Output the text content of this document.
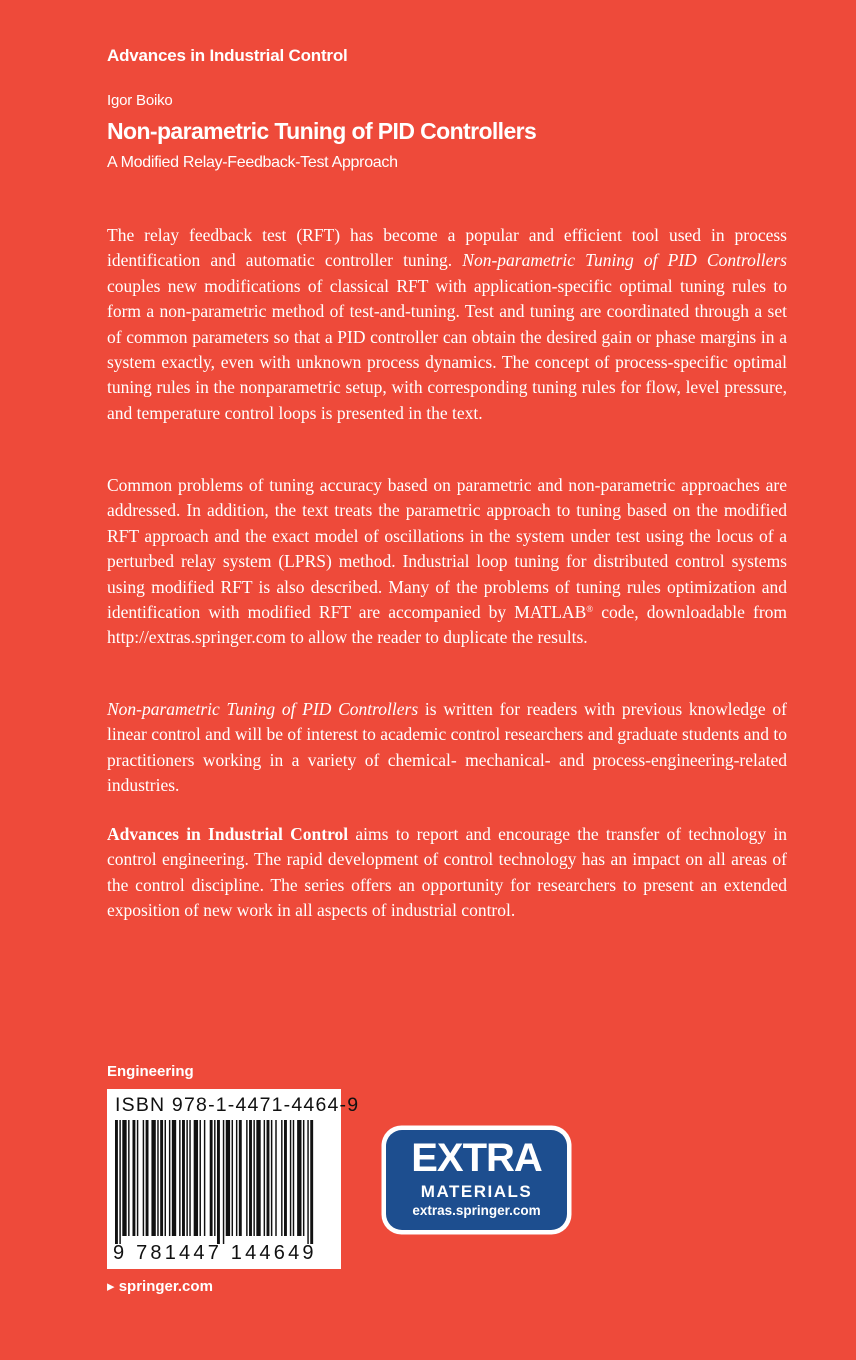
Advances in Industrial Control
Igor Boiko
Non-parametric Tuning of PID Controllers
A Modified Relay-Feedback-Test Approach

The relay feedback test (RFT) has become a popular and efficient tool used in process identification and automatic controller tuning. Non-parametric Tuning of PID Controllers couples new modifications of classical RFT with application-specific optimal tuning rules to form a non-parametric method of test-and-tuning. Test and tuning are coordinated through a set of common parameters so that a PID controller can obtain the desired gain or phase margins in a system exactly, even with unknown process dynamics. The concept of process-specific optimal tuning rules in the nonparametric setup, with corresponding tuning rules for flow, level pressure, and temperature control loops is presented in the text.

Common problems of tuning accuracy based on parametric and non-parametric approaches are addressed. In addition, the text treats the parametric approach to tuning based on the modified RFT approach and the exact model of oscillations in the system under test using the locus of a perturbed relay system (LPRS) method. Industrial loop tuning for distributed control systems using modified RFT is also described. Many of the problems of tuning rules optimization and identification with modified RFT are accompanied by MATLAB® code, downloadable from http://extras.springer.com to allow the reader to duplicate the results.

Non-parametric Tuning of PID Controllers is written for readers with previous knowledge of linear control and will be of interest to academic control researchers and graduate students and to practitioners working in a variety of chemical- mechanical- and process-engineering-related industries.

Advances in Industrial Control aims to report and encourage the transfer of technology in control engineering. The rapid development of control technology has an impact on all areas of the control discipline. The series offers an opportunity for researchers to present an extended exposition of new work in all aspects of industrial control.

Engineering
ISBN 978-1-4471-4464-9
9 781447 144649
▸ springer.com
EXTRA
MATERIALS
extras.springer.com
